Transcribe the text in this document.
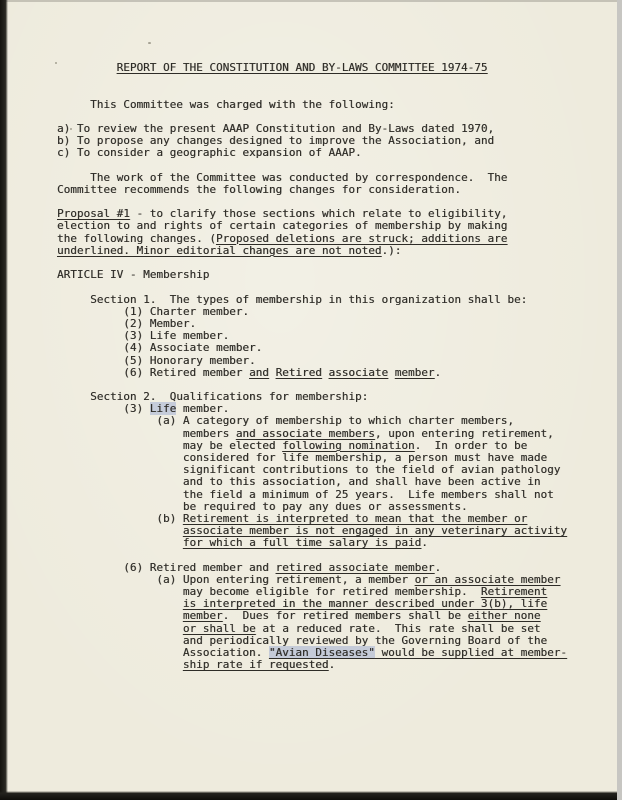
REPORT OF THE CONSTITUTION AND BY-LAWS COMMITTEE 1974-75

This Committee was charged with the following:

a) To review the present AAAP Constitution and By-Laws dated 1970,
b) To propose any changes designed to improve the Association, and
c) To consider a geographic expansion of AAAP.

The work of the Committee was conducted by correspondence.  The
Committee recommends the following changes for consideration.

Proposal #1 - to clarify those sections which relate to eligibility,
election to and rights of certain categories of membership by making
the following changes. (Proposed deletions are struck; additions are
underlined. Minor editorial changes are not noted.):

ARTICLE IV - Membership

Section 1.  The types of membership in this organization shall be:
(1) Charter member.
(2) Member.
(3) Life member.
(4) Associate member.
(5) Honorary member.
(6) Retired member and Retired associate member.

Section 2.  Qualifications for membership:
(3) Life member.
(a) A category of membership to which charter members,
members and associate members, upon entering retirement,
may be elected following nomination.  In order to be
considered for life membership, a person must have made
significant contributions to the field of avian pathology
and to this association, and shall have been active in
the field a minimum of 25 years.  Life members shall not
be required to pay any dues or assessments.
(b) Retirement is interpreted to mean that the member or
associate member is not engaged in any veterinary activity
for which a full time salary is paid.

(6) Retired member and retired associate member.
(a) Upon entering retirement, a member or an associate member
may become eligible for retired membership.  Retirement
is interpreted in the manner described under 3(b), life
member.  Dues for retired members shall be either none
or shall be at a reduced rate.  This rate shall be set
and periodically reviewed by the Governing Board of the
Association. "Avian Diseases" would be supplied at member-
ship rate if requested.
